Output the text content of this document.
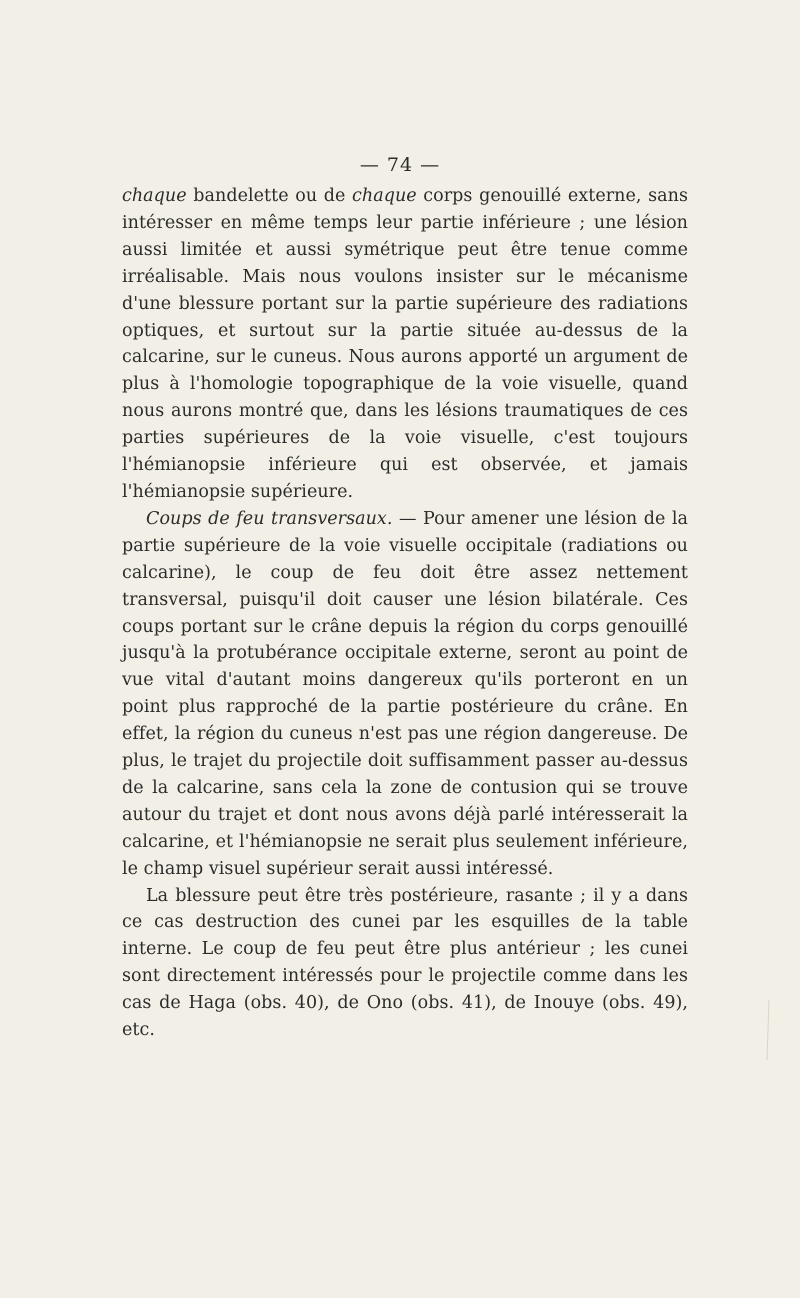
— 74 —

chaque bandelette ou de chaque corps genouillé externe, sans intéresser en même temps leur partie inférieure ; une lésion aussi limitée et aussi symétrique peut être tenue comme irréalisable. Mais nous voulons insister sur le mécanisme d'une blessure portant sur la partie supérieure des radiations optiques, et surtout sur la partie située au-dessus de la calcarine, sur le cuneus. Nous aurons apporté un argument de plus à l'homologie topographique de la voie visuelle, quand nous aurons montré que, dans les lésions traumatiques de ces parties supérieures de la voie visuelle, c'est toujours l'hémianopsie inférieure qui est observée, et jamais l'hémianopsie supérieure.

Coups de feu transversaux. — Pour amener une lésion de la partie supérieure de la voie visuelle occipitale (radiations ou calcarine), le coup de feu doit être assez nettement transversal, puisqu'il doit causer une lésion bilatérale. Ces coups portant sur le crâne depuis la région du corps genouillé jusqu'à la protubérance occipitale externe, seront au point de vue vital d'autant moins dangereux qu'ils porteront en un point plus rapproché de la partie postérieure du crâne. En effet, la région du cuneus n'est pas une région dangereuse. De plus, le trajet du projectile doit suffisamment passer au-dessus de la calcarine, sans cela la zone de contusion qui se trouve autour du trajet et dont nous avons déjà parlé intéresserait la calcarine, et l'hémianopsie ne serait plus seulement inférieure, le champ visuel supérieur serait aussi intéressé.

La blessure peut être très postérieure, rasante ; il y a dans ce cas destruction des cunei par les esquilles de la table interne. Le coup de feu peut être plus antérieur ; les cunei sont directement intéressés pour le projectile comme dans les cas de Haga (obs. 40), de Ono (obs. 41), de Inouye (obs. 49), etc.
